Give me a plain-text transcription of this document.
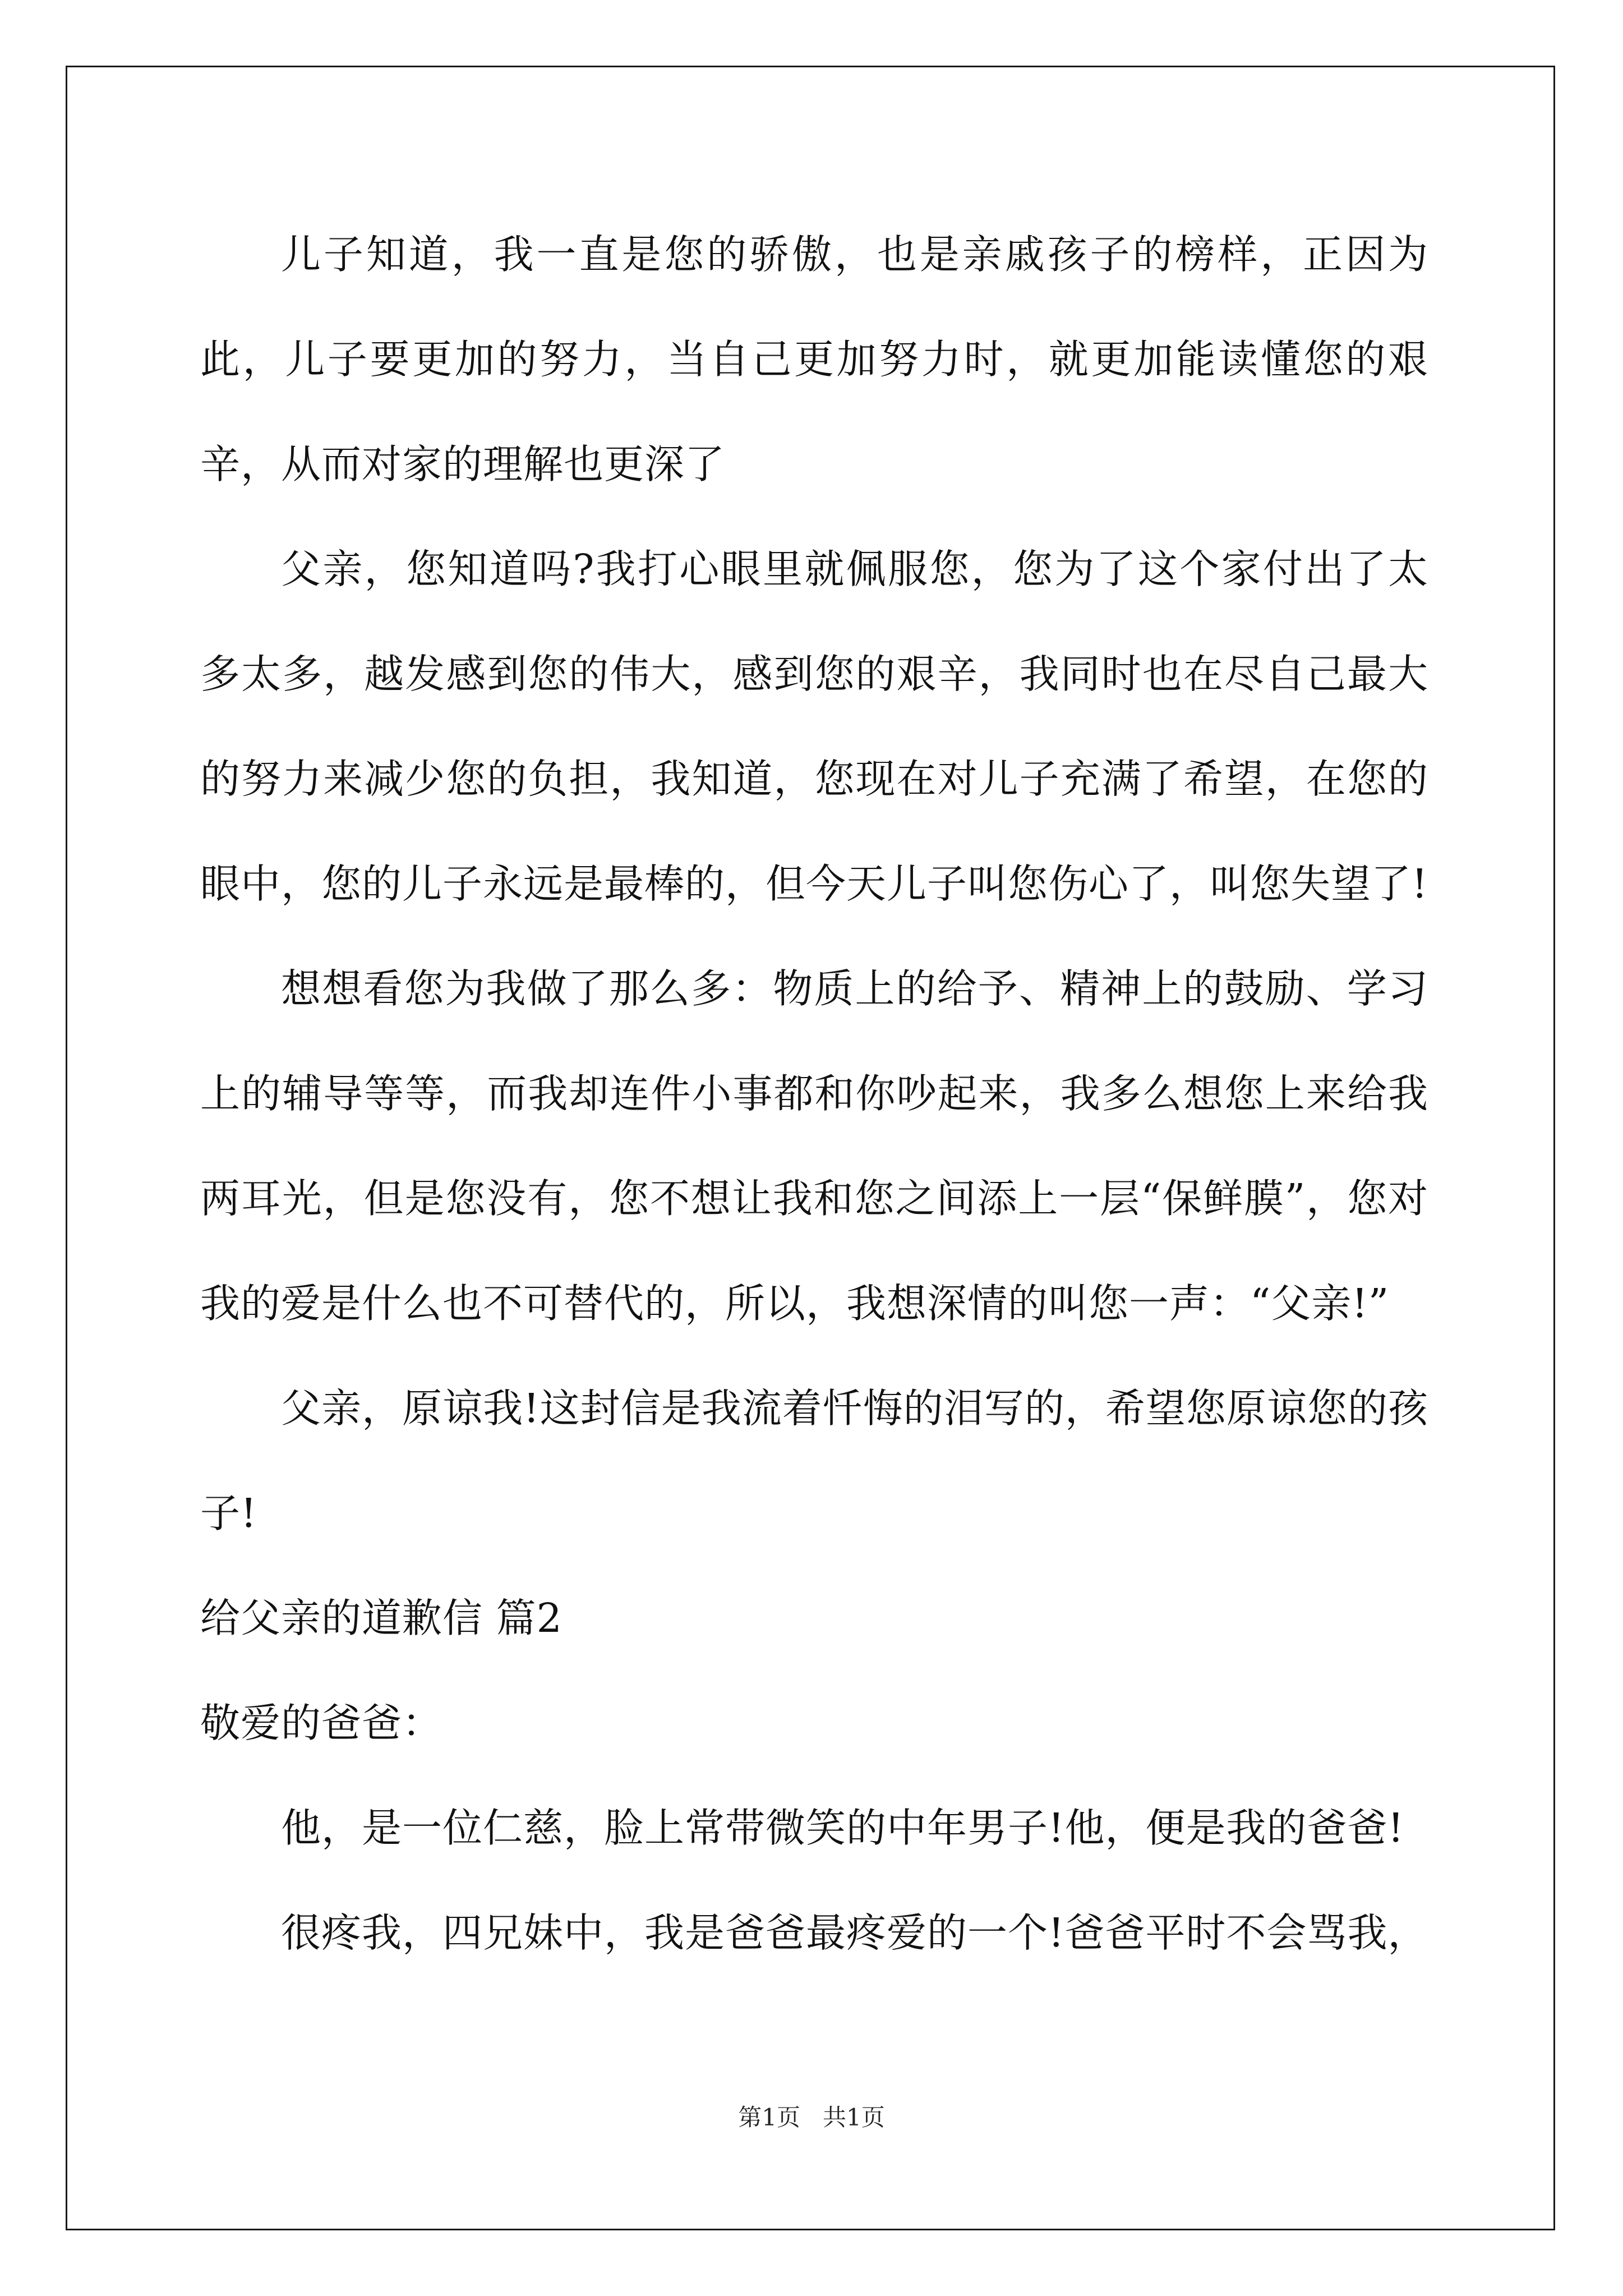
儿子知道，我一直是您的骄傲，也是亲戚孩子的榜样，正因为此，儿子要更加的努力，当自己更加努力时，就更加能读懂您的艰辛，从而对家的理解也更深了

父亲，您知道吗?我打心眼里就佩服您，您为了这个家付出了太多太多，越发感到您的伟大，感到您的艰辛，我同时也在尽自己最大的努力来减少您的负担，我知道，您现在对儿子充满了希望，在您的眼中，您的儿子永远是最棒的，但今天儿子叫您伤心了，叫您失望了!

想想看您为我做了那么多：物质上的给予、精神上的鼓励、学习上的辅导等等，而我却连件小事都和你吵起来，我多么想您上来给我两耳光，但是您没有，您不想让我和您之间添上一层“保鲜膜”，您对我的爱是什么也不可替代的，所以，我想深情的叫您一声：“父亲!”

父亲，原谅我!这封信是我流着忏悔的泪写的，希望您原谅您的孩子!

给父亲的道歉信 篇2

敬爱的爸爸：

他，是一位仁慈，脸上常带微笑的中年男子!他，便是我的爸爸!

很疼我，四兄妹中，我是爸爸最疼爱的一个!爸爸平时不会骂我，

第1页 共1页
